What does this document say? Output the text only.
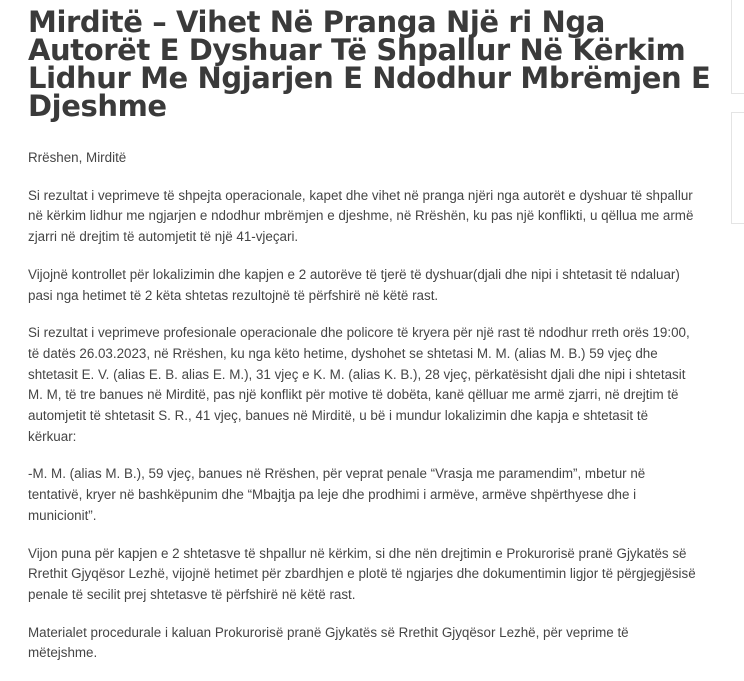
Mirditë – Vihet Në Pranga Një ri Nga Autorët E Dyshuar Të Shpallur Në Kërkim Lidhur Me Ngjarjen E Ndodhur Mbrëmjen E Djeshme

Rrëshen, Mirditë

Si rezultat i veprimeve të shpejta operacionale, kapet dhe vihet në pranga njëri nga autorët e dyshuar të shpallur në kërkim lidhur me ngjarjen e ndodhur mbrëmjen e djeshme, në Rrëshën, ku pas një konflikti, u qëllua me armë zjarri në drejtim të automjetit të një 41-vjeçari.

Vijojnë kontrollet për lokalizimin dhe kapjen e 2 autorëve të tjerë të dyshuar(djali dhe nipi i shtetasit të ndaluar) pasi nga hetimet të 2 këta shtetas rezultojnë të përfshirë në këtë rast.

Si rezultat i veprimeve profesionale operacionale dhe policore të kryera për një rast të ndodhur rreth orës 19:00, të datës 26.03.2023, në Rrëshen, ku nga këto hetime, dyshohet se shtetasi M. M. (alias M. B.) 59 vjeç dhe shtetasit E. V. (alias E. B. alias E. M.), 31 vjeç e K. M. (alias K. B.), 28 vjeç, përkatësisht djali dhe nipi i shtetasit M. M, të tre banues në Mirditë, pas një konflikt për motive të dobëta, kanë qëlluar me armë zjarri, në drejtim të automjetit të shtetasit S. R., 41 vjeç, banues në Mirditë, u bë i mundur lokalizimin dhe kapja e shtetasit të kërkuar:

-M. M. (alias M. B.), 59 vjeç, banues në Rrëshen, për veprat penale “Vrasja me paramendim”, mbetur në tentativë, kryer në bashkëpunim dhe “Mbajtja pa leje dhe prodhimi i armëve, armëve shpërthyese dhe i municionit”.

Vijon puna për kapjen e 2 shtetasve të shpallur në kërkim, si dhe nën drejtimin e Prokurorisë pranë Gjykatës së Rrethit Gjyqësor Lezhë, vijojnë hetimet për zbardhjen e plotë të ngjarjes dhe dokumentimin ligjor të përgjegjësisë penale të secilit prej shtetasve të përfshirë në këtë rast.

Materialet procedurale i kaluan Prokurorisë pranë Gjykatës së Rrethit Gjyqësor Lezhë, për veprime të mëtejshme.
